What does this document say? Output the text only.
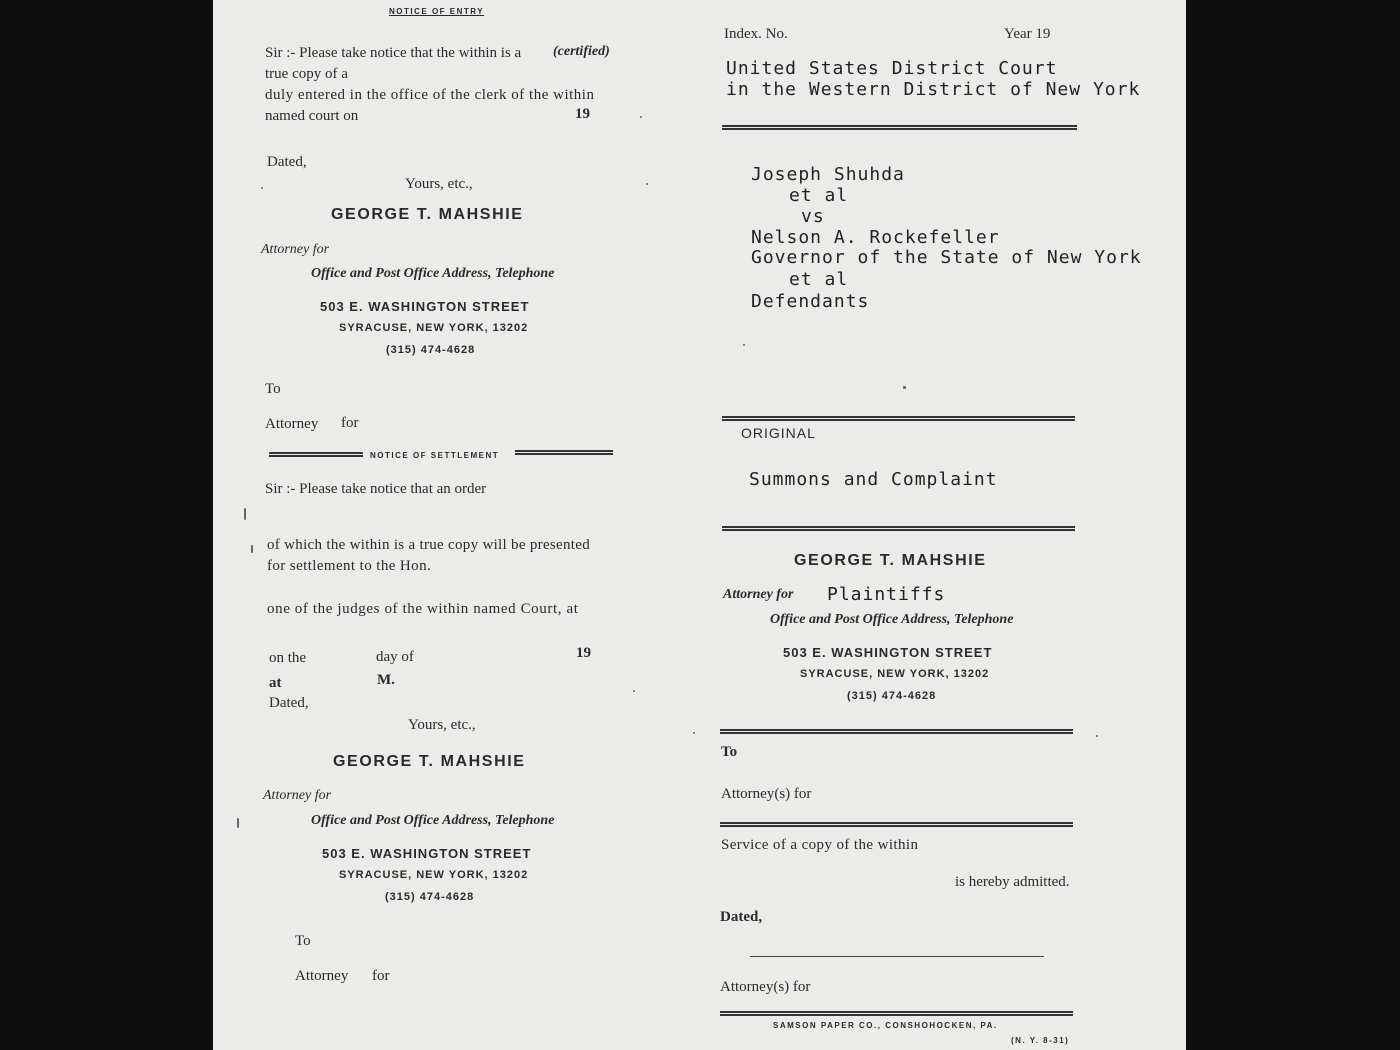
NOTICE OF ENTRY
Sir :- Please take notice that the within is a (certified)
true copy of a
duly entered in the office of the clerk of the within
named court on	19
Dated,
Yours, etc.,
GEORGE T. MAHSHIE
Attorney for
Office and Post Office Address, Telephone
503 E. WASHINGTON STREET
SYRACUSE, NEW YORK, 13202
(315) 474-4628
To
Attorney for
NOTICE OF SETTLEMENT
Sir :- Please take notice that an order
of which the within is a true copy will be presented
for settlement to the Hon.
one of the judges of the within named Court, at
on the	day of	19
at	M.
Dated,
Yours, etc.,
GEORGE T. MAHSHIE
Attorney for
Office and Post Office Address, Telephone
503 E. WASHINGTON STREET
SYRACUSE, NEW YORK, 13202
(315) 474-4628
To
Attorney for
Index. No.	Year 19
United States District Court
in the Western District of New York
Joseph Shuhda
et al
vs
Nelson A. Rockefeller
Governor of the State of New York
et al
Defendants
ORIGINAL
Summons and Complaint
GEORGE T. MAHSHIE
Attorney for Plaintiffs
Office and Post Office Address, Telephone
503 E. WASHINGTON STREET
SYRACUSE, NEW YORK, 13202
(315) 474-4628
To
Attorney(s) for
Service of a copy of the within
is hereby admitted.
Dated,
Attorney(s) for
SAMSON PAPER CO., CONSHOHOCKEN, PA.
(N. Y. 8-31)
